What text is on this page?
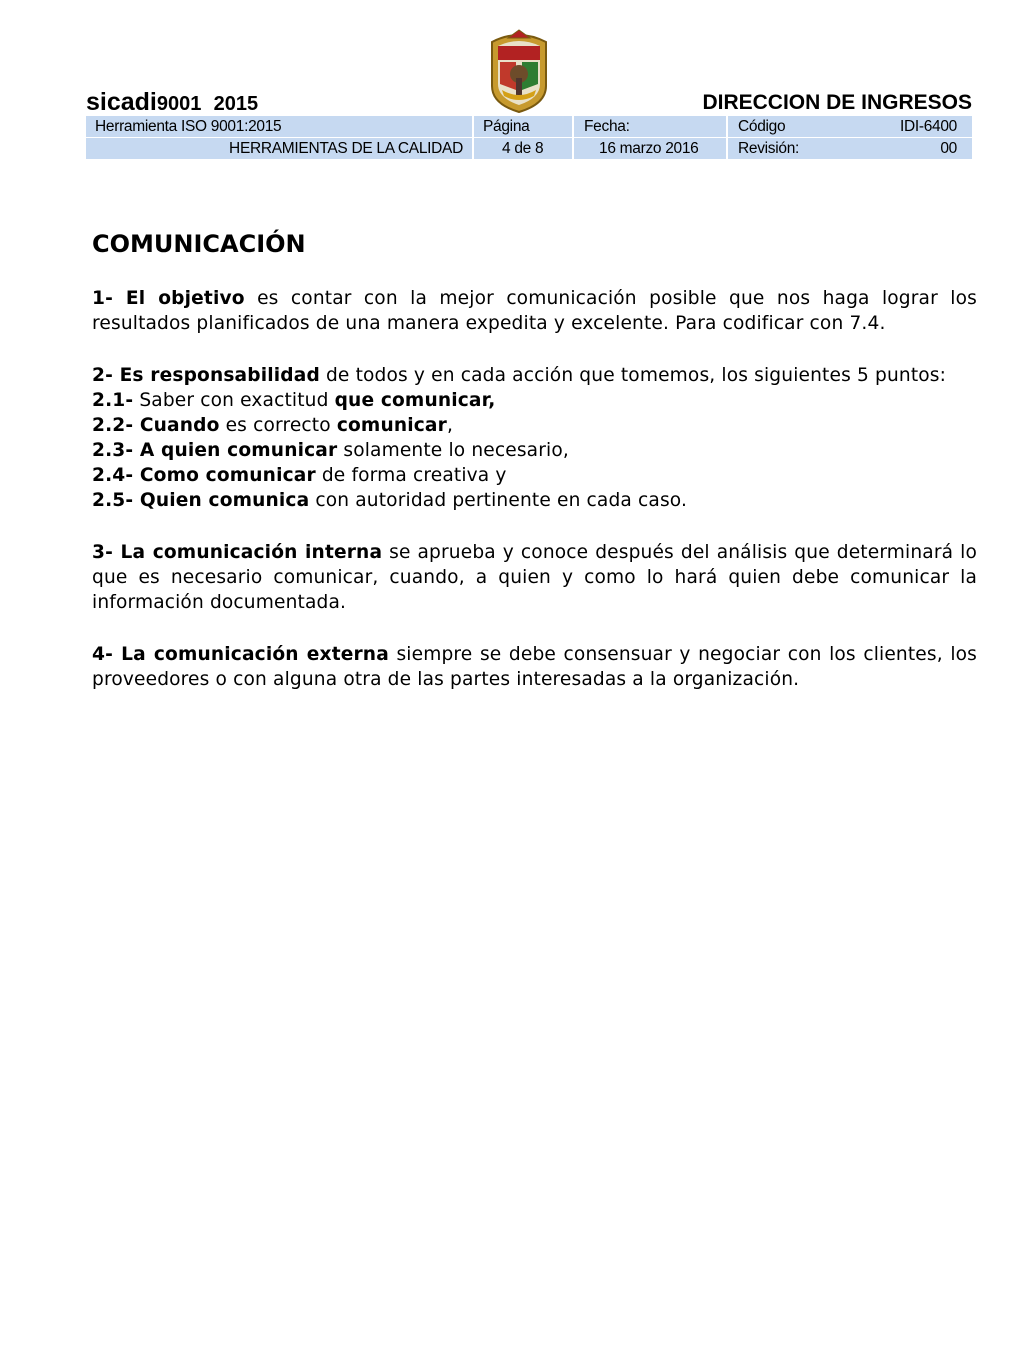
sicadi9001 2015	DIRECCION DE INGRESOS
Herramienta ISO 9001:2015	Página	Fecha:	Código	IDI-6400
HERRAMIENTAS DE LA CALIDAD	4 de 8	16 marzo 2016	Revisión:	00
COMUNICACIÓN

1- El objetivo es contar con la mejor comunicación posible que nos haga lograr los resultados planificados de una manera expedita y excelente. Para codificar con 7.4.

2- Es responsabilidad de todos y en cada acción que tomemos, los siguientes 5 puntos:

2.1- Saber con exactitud que comunicar,

2.2- Cuando es correcto comunicar,

2.3- A quien comunicar solamente lo necesario,

2.4- Como comunicar de forma creativa y

2.5- Quien comunica con autoridad pertinente en cada caso.

3- La comunicación interna se aprueba y conoce después del análisis que determinará lo que es necesario comunicar, cuando, a quien y como lo hará quien debe comunicar la información documentada.

4- La comunicación externa siempre se debe consensuar y negociar con los clientes, los proveedores o con alguna otra de las partes interesadas a la organización.
